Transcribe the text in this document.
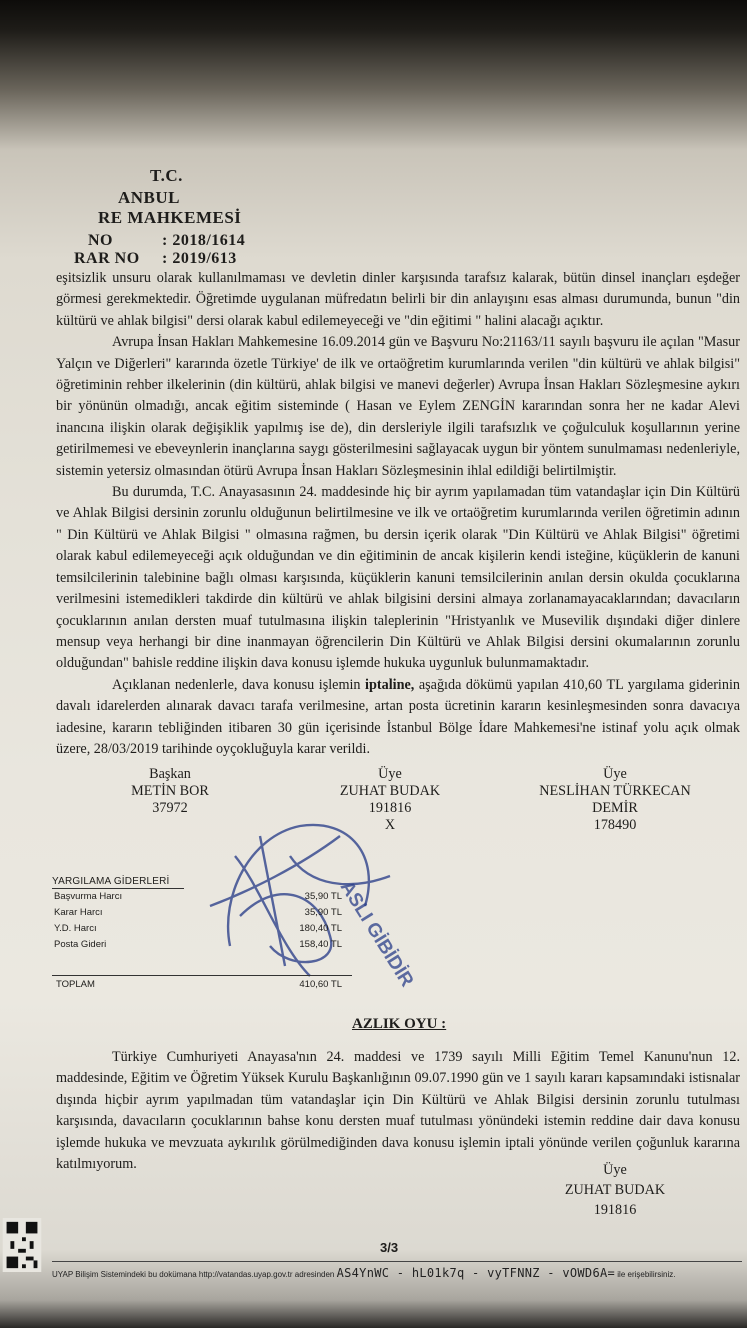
T.C.
ANBUL
RE MAHKEMESİ
NO	: 2018/1614
RAR NO : 2019/613

eşitsizlik unsuru olarak kullanılmaması ve devletin dinler karşısında tarafsız kalarak, bütün dinsel inançları eşdeğer görmesi gerekmektedir. Öğretimde uygulanan müfredatın belirli bir din anlayışını esas alması durumunda, bunun "din kültürü ve ahlak bilgisi" dersi olarak kabul edilemeyeceği ve "din eğitimi " halini alacağı açıktır.

Avrupa İnsan Hakları Mahkemesine 16.09.2014 gün ve Başvuru No:21163/11 sayılı başvuru ile açılan "Masur Yalçın ve Diğerleri" kararında özetle Türkiye' de ilk ve ortaöğretim kurumlarında verilen "din kültürü ve ahlak bilgisi" öğretiminin rehber ilkelerinin (din kültürü, ahlak bilgisi ve manevi değerler) Avrupa İnsan Hakları Sözleşmesine aykırı bir yönünün olmadığı, ancak eğitim sisteminde ( Hasan ve Eylem ZENGİN kararından sonra her ne kadar Alevi inancına ilişkin olarak değişiklik yapılmış ise de), din dersleriyle ilgili tarafsızlık ve çoğulculuk koşullarının yerine getirilmemesi ve ebeveynlerin inançlarına saygı gösterilmesini sağlayacak uygun bir yöntem sunulmaması nedenleriyle, sistemin yetersiz olmasından ötürü Avrupa İnsan Hakları Sözleşmesinin ihlal edildiği belirtilmiştir.

Bu durumda, T.C. Anayasasının 24. maddesinde hiç bir ayrım yapılamadan tüm vatandaşlar için Din Kültürü ve Ahlak Bilgisi dersinin zorunlu olduğunun belirtilmesine ve ilk ve ortaöğretim kurumlarında verilen öğretimin adının " Din Kültürü ve Ahlak Bilgisi " olmasına rağmen, bu dersin içerik olarak "Din Kültürü ve Ahlak Bilgisi" öğretimi olarak kabul edilemeyeceği açık olduğundan ve din eğitiminin de ancak kişilerin kendi isteğine, küçüklerin de kanuni temsilcilerinin talebinine bağlı olması karşısında, küçüklerin kanuni temsilcilerinin anılan dersin okulda çocuklarına verilmesini istemedikleri takdirde din kültürü ve ahlak bilgisini dersini almaya zorlanamayacaklarından; davacıların çocuklarının anılan dersten muaf tutulmasına ilişkin taleplerinin "Hristyanlık ve Musevilik dışındaki diğer dinlere mensup veya herhangi bir dine inanmayan öğrencilerin Din Kültürü ve Ahlak Bilgisi dersini okumalarının zorunlu olduğundan" bahisle reddine ilişkin dava konusu işlemde hukuka uygunluk bulunmamaktadır.

Açıklanan nedenlerle, dava konusu işlemin iptaline, aşağıda dökümü yapılan 410,60 TL yargılama giderinin davalı idarelerden alınarak davacı tarafa verilmesine, artan posta ücretinin kararın kesinleşmesinden sonra davacıya iadesine, kararın tebliğinden itibaren 30 gün içerisinde İstanbul Bölge İdare Mahkemesi'ne istinaf yolu açık olmak üzere, 28/03/2019 tarihinde oyçokluğuyla karar verildi.

Başkan
METİN BOR
37972
Üye
ZUHAT BUDAK
191816
X
Üye
NESLİHAN TÜRKECAN
DEMİR
178490
ASLI GİBİDİR
YARGILAMA GİDERLERİ
Başvurma Harcı	35,90 TL
Karar Harcı	35,90 TL
Y.D. Harcı	180,40 TL
Posta Gideri	158,40 TL
TOPLAM	410,60 TL
AZLIK OYU :

Türkiye Cumhuriyeti Anayasa'nın 24. maddesi ve 1739 sayılı Milli Eğitim Temel Kanunu'nun 12. maddesinde, Eğitim ve Öğretim Yüksek Kurulu Başkanlığının 09.07.1990 gün ve 1 sayılı kararı kapsamındaki istisnalar dışında hiçbir ayrım yapılmadan tüm vatandaşlar için Din Kültürü ve Ahlak Bilgisi dersinin zorunlu tutulması karşısında, davacıların çocuklarının bahse konu dersten muaf tutulması yönündeki istemin reddine dair dava konusu işlemde hukuka ve mevzuata aykırılık görülmediğinden dava konusu işlemin iptali yönünde verilen çoğunluk kararına katılmıyorum.	Üye
ZUHAT BUDAK
191816
3/3
UYAP Bilişim Sistemindeki bu dokümana http://vatandas.uyap.gov.tr adresinden AS4YnWC - hL01k7q - vyTFNNZ - vOWD6A= ile erişebilirsiniz.
